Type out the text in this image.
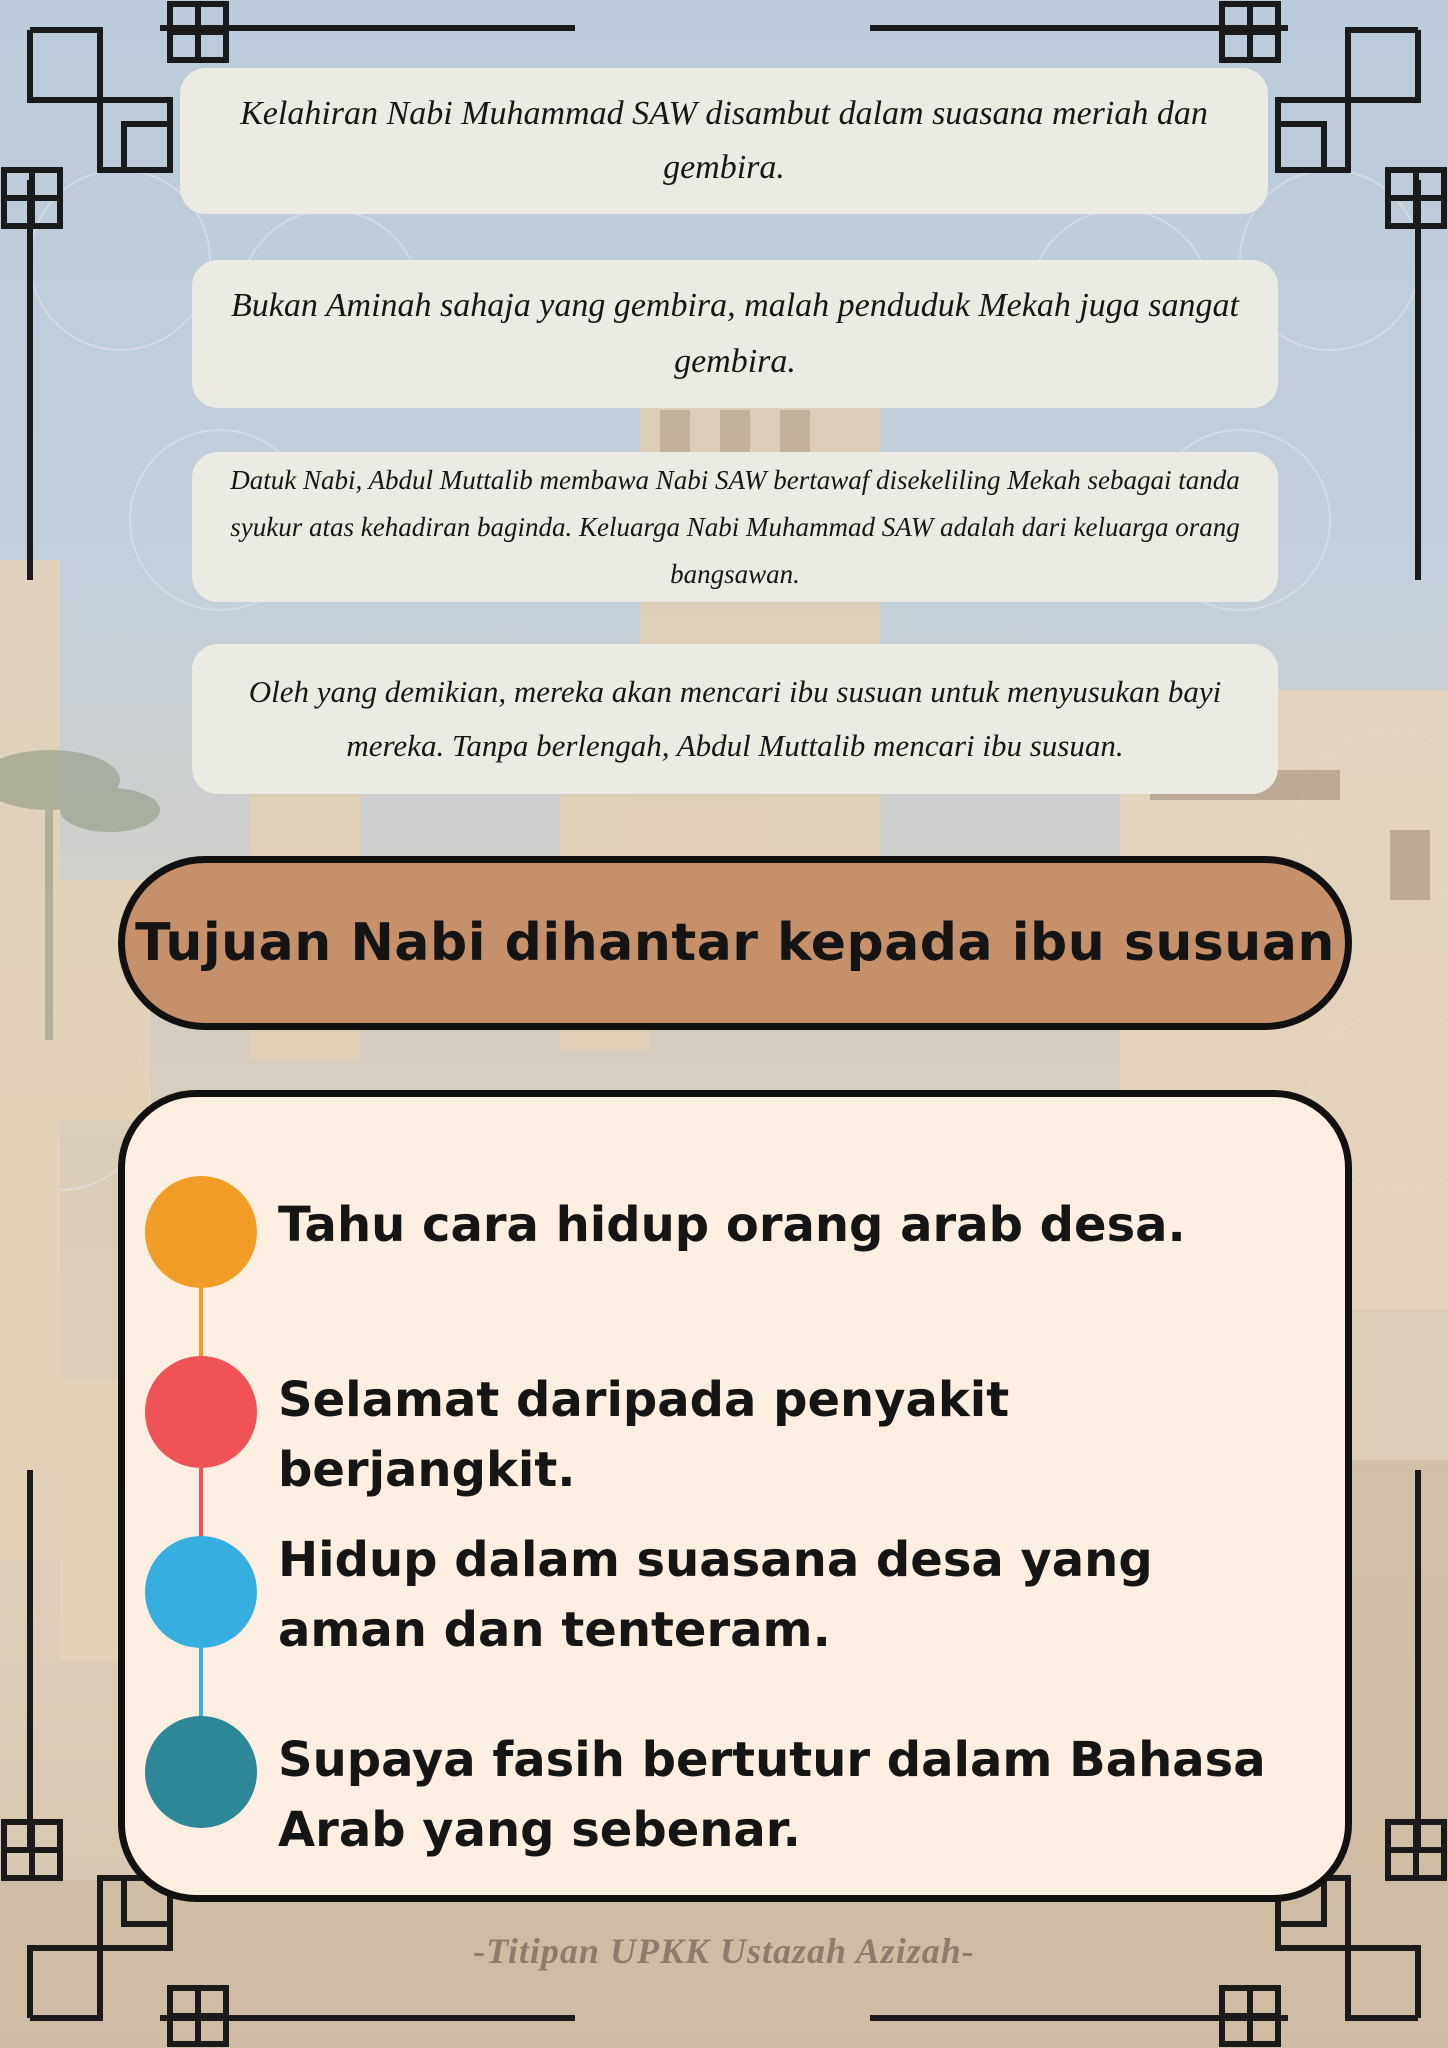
Kelahiran Nabi Muhammad SAW disambut dalam suasana meriah dan gembira.
Bukan Aminah sahaja yang gembira, malah penduduk Mekah juga sangat gembira.
Datuk Nabi, Abdul Muttalib membawa Nabi SAW bertawaf disekeliling Mekah sebagai tanda syukur atas kehadiran baginda. Keluarga Nabi Muhammad SAW adalah dari keluarga orang bangsawan.
Oleh yang demikian, mereka akan mencari ibu susuan untuk menyusukan bayi mereka. Tanpa berlengah, Abdul Muttalib mencari ibu susuan.
Tujuan Nabi dihantar kepada ibu susuan
Tahu cara hidup orang arab desa.
Selamat daripada penyakit berjangkit.
Hidup dalam suasana desa yang aman dan tenteram.
Supaya fasih bertutur dalam Bahasa Arab yang sebenar.
-Titipan UPKK Ustazah Azizah-
